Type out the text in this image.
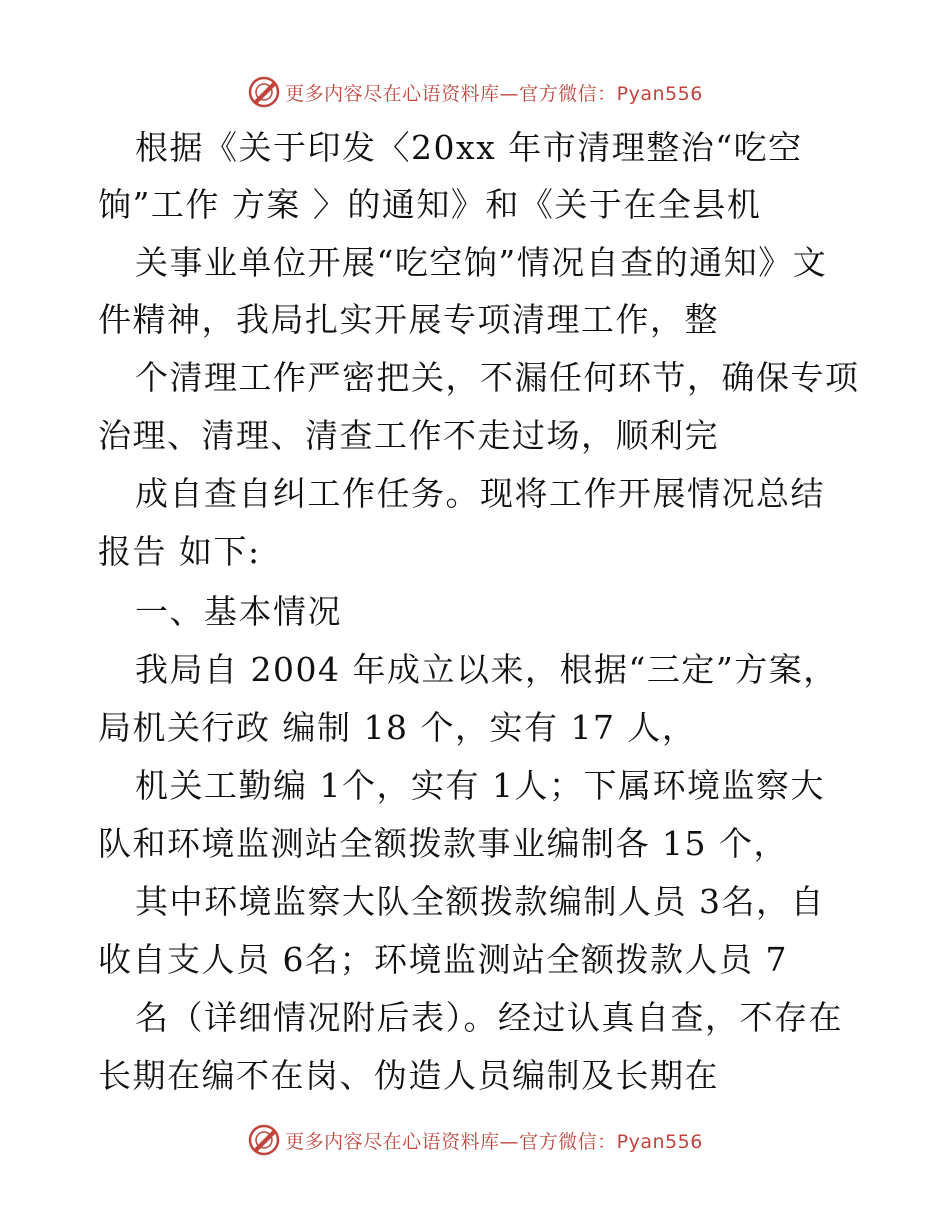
更多内容尽在心语资料库—官方微信：Pyan556
根据《关于印发〈20xx 年市清理整治“吃空
饷”工作 方案 〉的通知》和《关于在全县机
关事业单位开展“吃空饷”情况自查的通知》文
件精神，我局扎实开展专项清理工作，整
个清理工作严密把关，不漏任何环节，确保专项
治理、清理、清查工作不走过场，顺利完
成自查自纠工作任务。现将工作开展情况总结
报告 如下:
一、基本情况
我局自 2004 年成立以来，根据“三定”方案，
局机关行政 编制 18 个，实有 17 人，
机关工勤编 1个，实有 1人；下属环境监察大
队和环境监测站全额拨款事业编制各 15 个，
其中环境监察大队全额拨款编制人员 3名，自
收自支人员 6名；环境监测站全额拨款人员 7
名（详细情况附后表）。经过认真自查，不存在
长期在编不在岗、伪造人员编制及长期在
更多内容尽在心语资料库—官方微信：Pyan556
